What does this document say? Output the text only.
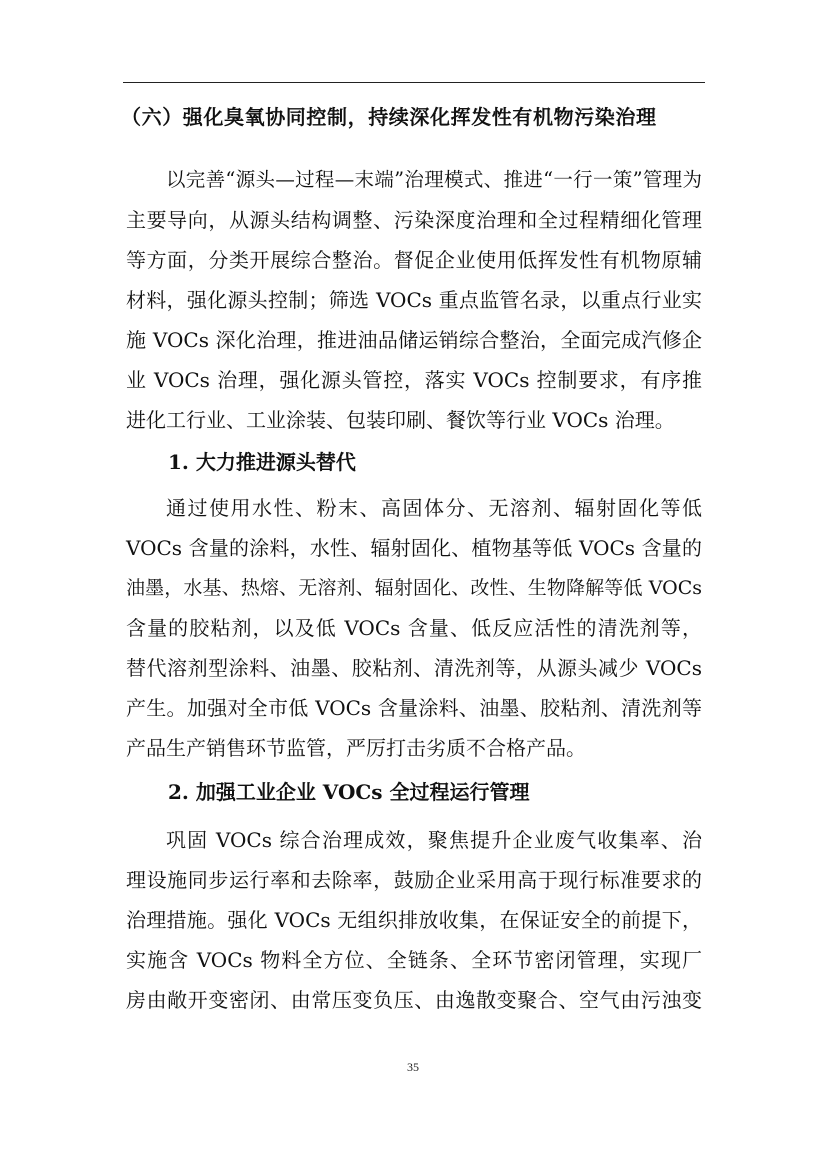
（六）强化臭氧协同控制，持续深化挥发性有机物污染治理

以完善“源头—过程—末端”治理模式、推进“一行一策”管理为
主要导向，从源头结构调整、污染深度治理和全过程精细化管理
等方面，分类开展综合整治。督促企业使用低挥发性有机物原辅
材料，强化源头控制；筛选 VOCs 重点监管名录，以重点行业实
施 VOCs 深化治理，推进油品储运销综合整治，全面完成汽修企
业 VOCs 治理，强化源头管控，落实 VOCs 控制要求，有序推
进化工行业、工业涂装、包装印刷、餐饮等行业 VOCs 治理。

1. 大力推进源头替代

通过使用水性、粉末、高固体分、无溶剂、辐射固化等低
VOCs 含量的涂料，水性、辐射固化、植物基等低 VOCs 含量的
油墨，水基、热熔、无溶剂、辐射固化、改性、生物降解等低 VOCs
含量的胶粘剂，以及低 VOCs 含量、低反应活性的清洗剂等，
替代溶剂型涂料、油墨、胶粘剂、清洗剂等，从源头减少 VOCs
产生。加强对全市低 VOCs 含量涂料、油墨、胶粘剂、清洗剂等
产品生产销售环节监管，严厉打击劣质不合格产品。

2. 加强工业企业 VOCs 全过程运行管理

巩固 VOCs 综合治理成效，聚焦提升企业废气收集率、治
理设施同步运行率和去除率，鼓励企业采用高于现行标准要求的
治理措施。强化 VOCs 无组织排放收集，在保证安全的前提下，
实施含 VOCs 物料全方位、全链条、全环节密闭管理，实现厂
房由敞开变密闭、由常压变负压、由逸散变聚合、空气由污浊变

35
